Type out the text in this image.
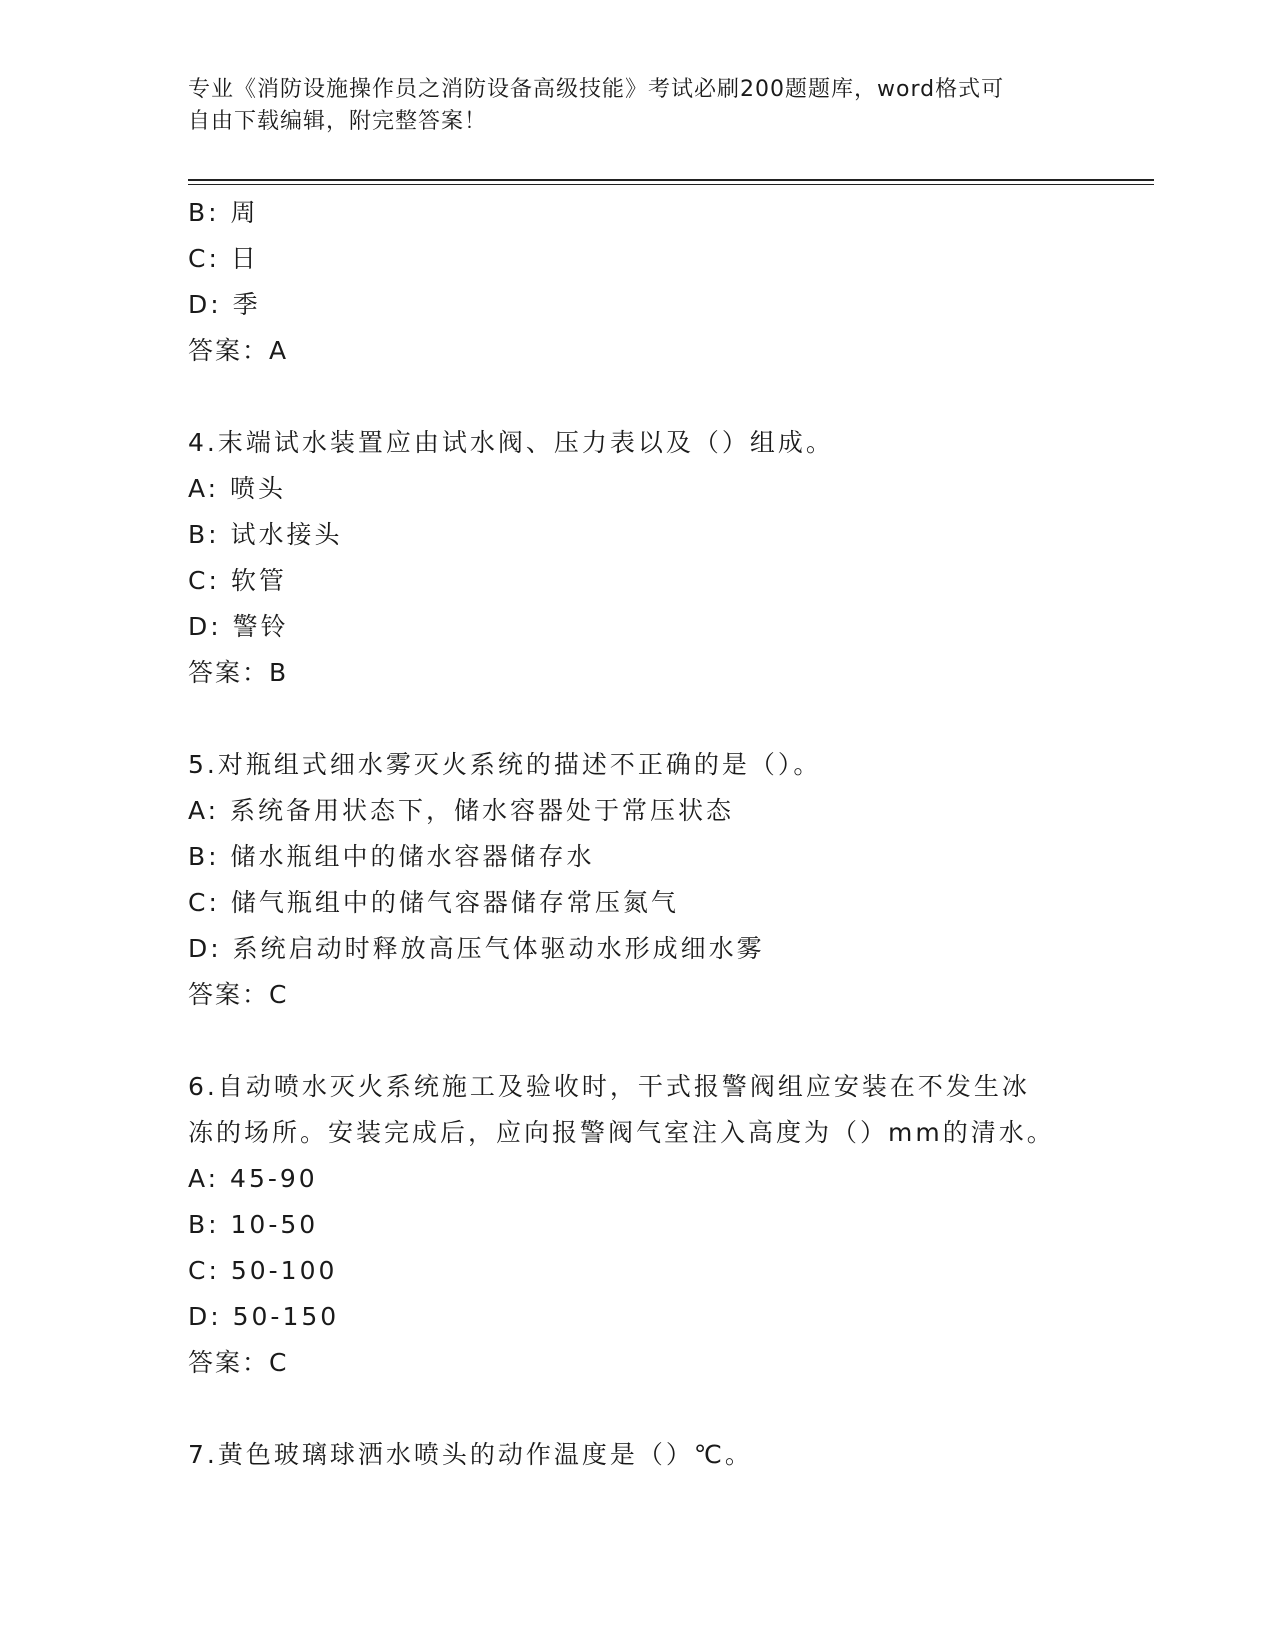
专业《消防设施操作员之消防设备高级技能》考试必刷200题题库，word格式可
自由下载编辑，附完整答案！
B: 周
C: 日
D: 季
答案：A
4.末端试水装置应由试水阀、压力表以及（）组成。
A: 喷头
B: 试水接头
C: 软管
D: 警铃
答案：B
5.对瓶组式细水雾灭火系统的描述不正确的是（）。
A: 系统备用状态下，储水容器处于常压状态
B: 储水瓶组中的储水容器储存水
C: 储气瓶组中的储气容器储存常压氮气
D: 系统启动时释放高压气体驱动水形成细水雾
答案：C
6.自动喷水灭火系统施工及验收时，干式报警阀组应安装在不发生冰
冻的场所。安装完成后，应向报警阀气室注入高度为（）mm的清水。
A: 45-90
B: 10-50
C: 50-100
D: 50-150
答案：C
7.黄色玻璃球洒水喷头的动作温度是（）℃。
